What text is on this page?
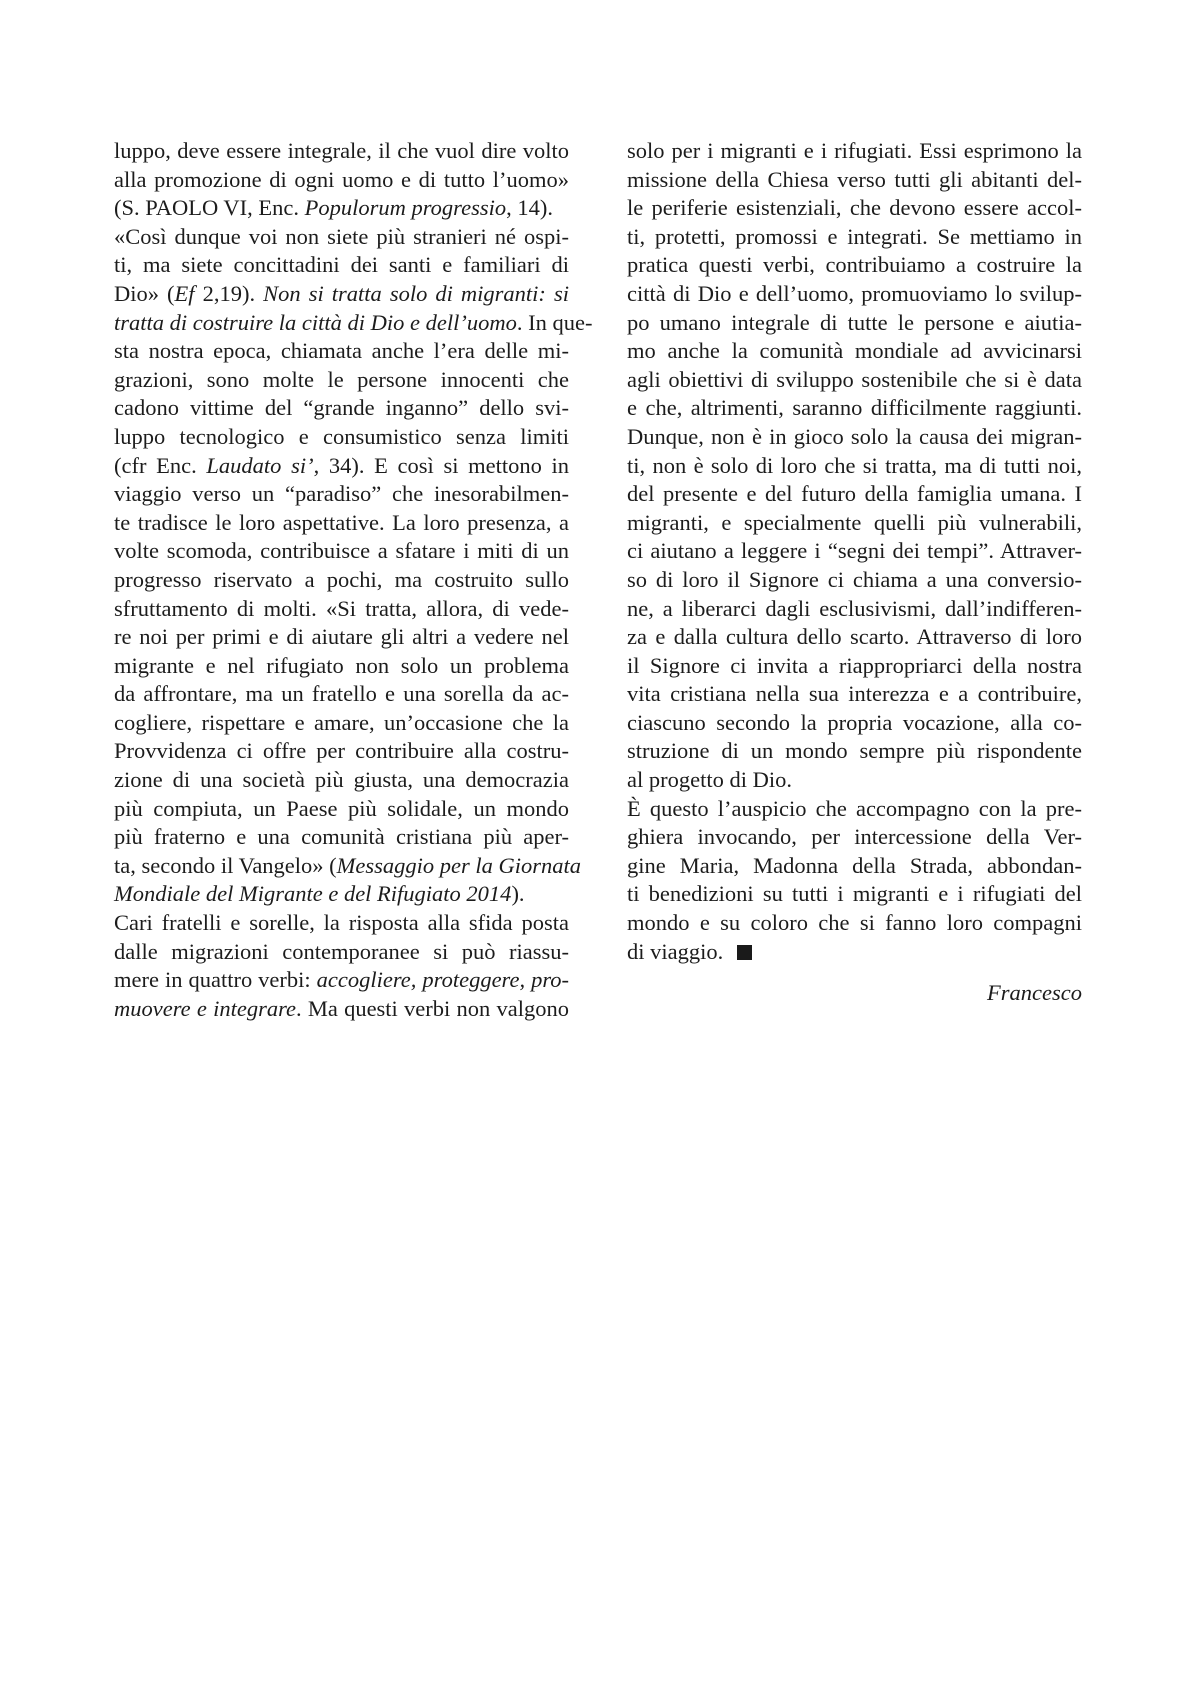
luppo, deve essere integrale, il che vuol dire volto
alla promozione di ogni uomo e di tutto l’uomo»
(S. PAOLO VI, Enc. Populorum progressio, 14).
«Così dunque voi non siete più stranieri né ospi-
ti, ma siete concittadini dei santi e familiari di
Dio» (Ef 2,19). Non si tratta solo di migranti: si
tratta di costruire la città di Dio e dell’uomo. In que-
sta nostra epoca, chiamata anche l’era delle mi-
grazioni, sono molte le persone innocenti che
cadono vittime del “grande inganno” dello svi-
luppo tecnologico e consumistico senza limiti
(cfr Enc. Laudato si’, 34). E così si mettono in
viaggio verso un “paradiso” che inesorabilmen-
te tradisce le loro aspettative. La loro presenza, a
volte scomoda, contribuisce a sfatare i miti di un
progresso riservato a pochi, ma costruito sullo
sfruttamento di molti. «Si tratta, allora, di vede-
re noi per primi e di aiutare gli altri a vedere nel
migrante e nel rifugiato non solo un problema
da affrontare, ma un fratello e una sorella da ac-
cogliere, rispettare e amare, un’occasione che la
Provvidenza ci offre per contribuire alla costru-
zione di una società più giusta, una democrazia
più compiuta, un Paese più solidale, un mondo
più fraterno e una comunità cristiana più aper-
ta, secondo il Vangelo» (Messaggio per la Giornata
Mondiale del Migrante e del Rifugiato 2014).
Cari fratelli e sorelle, la risposta alla sfida posta
dalle migrazioni contemporanee si può riassu-
mere in quattro verbi: accogliere, proteggere, pro-
muovere e integrare. Ma questi verbi non valgono
solo per i migranti e i rifugiati. Essi esprimono la
missione della Chiesa verso tutti gli abitanti del-
le periferie esistenziali, che devono essere accol-
ti, protetti, promossi e integrati. Se mettiamo in
pratica questi verbi, contribuiamo a costruire la
città di Dio e dell’uomo, promuoviamo lo svilup-
po umano integrale di tutte le persone e aiutia-
mo anche la comunità mondiale ad avvicinarsi
agli obiettivi di sviluppo sostenibile che si è data
e che, altrimenti, saranno difficilmente raggiunti.
Dunque, non è in gioco solo la causa dei migran-
ti, non è solo di loro che si tratta, ma di tutti noi,
del presente e del futuro della famiglia umana. I
migranti, e specialmente quelli più vulnerabili,
ci aiutano a leggere i “segni dei tempi”. Attraver-
so di loro il Signore ci chiama a una conversio-
ne, a liberarci dagli esclusivismi, dall’indifferen-
za e dalla cultura dello scarto. Attraverso di loro
il Signore ci invita a riappropriarci della nostra
vita cristiana nella sua interezza e a contribuire,
ciascuno secondo la propria vocazione, alla co-
struzione di un mondo sempre più rispondente
al progetto di Dio.
È questo l’auspicio che accompagno con la pre-
ghiera invocando, per intercessione della Ver-
gine Maria, Madonna della Strada, abbondan-
ti benedizioni su tutti i migranti e i rifugiati del
mondo e su coloro che si fanno loro compagni
di viaggio.
Francesco
